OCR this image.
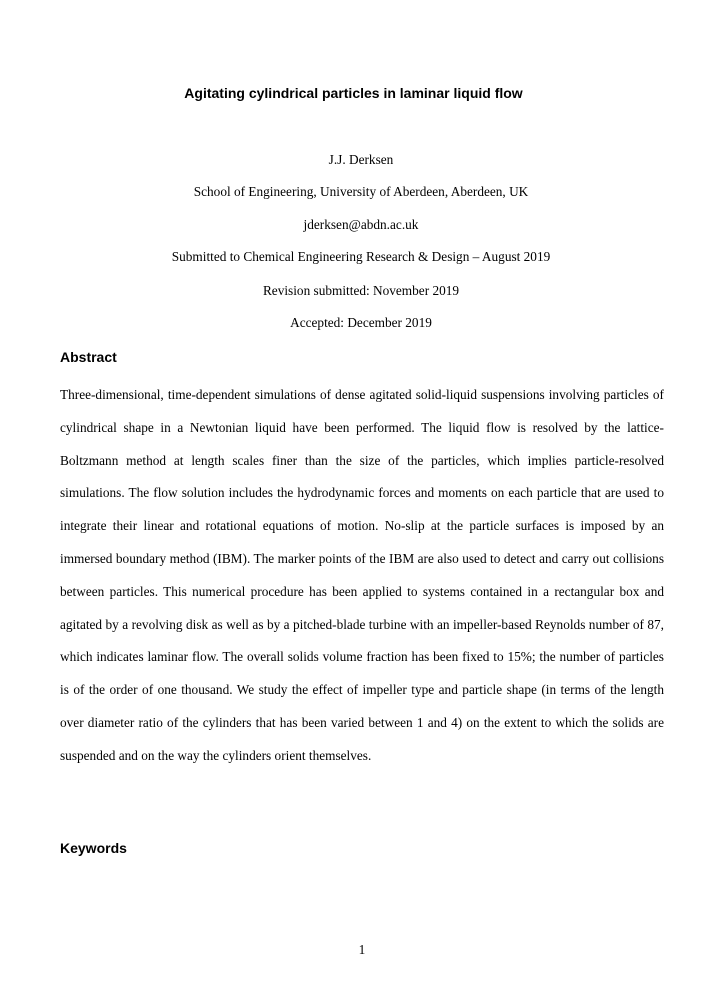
Agitating cylindrical particles in laminar liquid flow
J.J. Derksen
School of Engineering, University of Aberdeen, Aberdeen, UK
jderksen@abdn.ac.uk
Submitted to Chemical Engineering Research & Design – August 2019
Revision submitted: November 2019
Accepted: December 2019
Abstract

Three-dimensional, time-dependent simulations of dense agitated solid-liquid suspensions involving particles of cylindrical shape in a Newtonian liquid have been performed. The liquid flow is resolved by the lattice-Boltzmann method at length scales finer than the size of the particles, which implies particle-resolved simulations. The flow solution includes the hydrodynamic forces and moments on each particle that are used to integrate their linear and rotational equations of motion. No-slip at the particle surfaces is imposed by an immersed boundary method (IBM). The marker points of the IBM are also used to detect and carry out collisions between particles. This numerical procedure has been applied to systems contained in a rectangular box and agitated by a revolving disk as well as by a pitched-blade turbine with an impeller-based Reynolds number of 87, which indicates laminar flow. The overall solids volume fraction has been fixed to 15%; the number of particles is of the order of one thousand. We study the effect of impeller type and particle shape (in terms of the length over diameter ratio of the cylinders that has been varied between 1 and 4) on the extent to which the solids are suspended and on the way the cylinders orient themselves.

Keywords
1
